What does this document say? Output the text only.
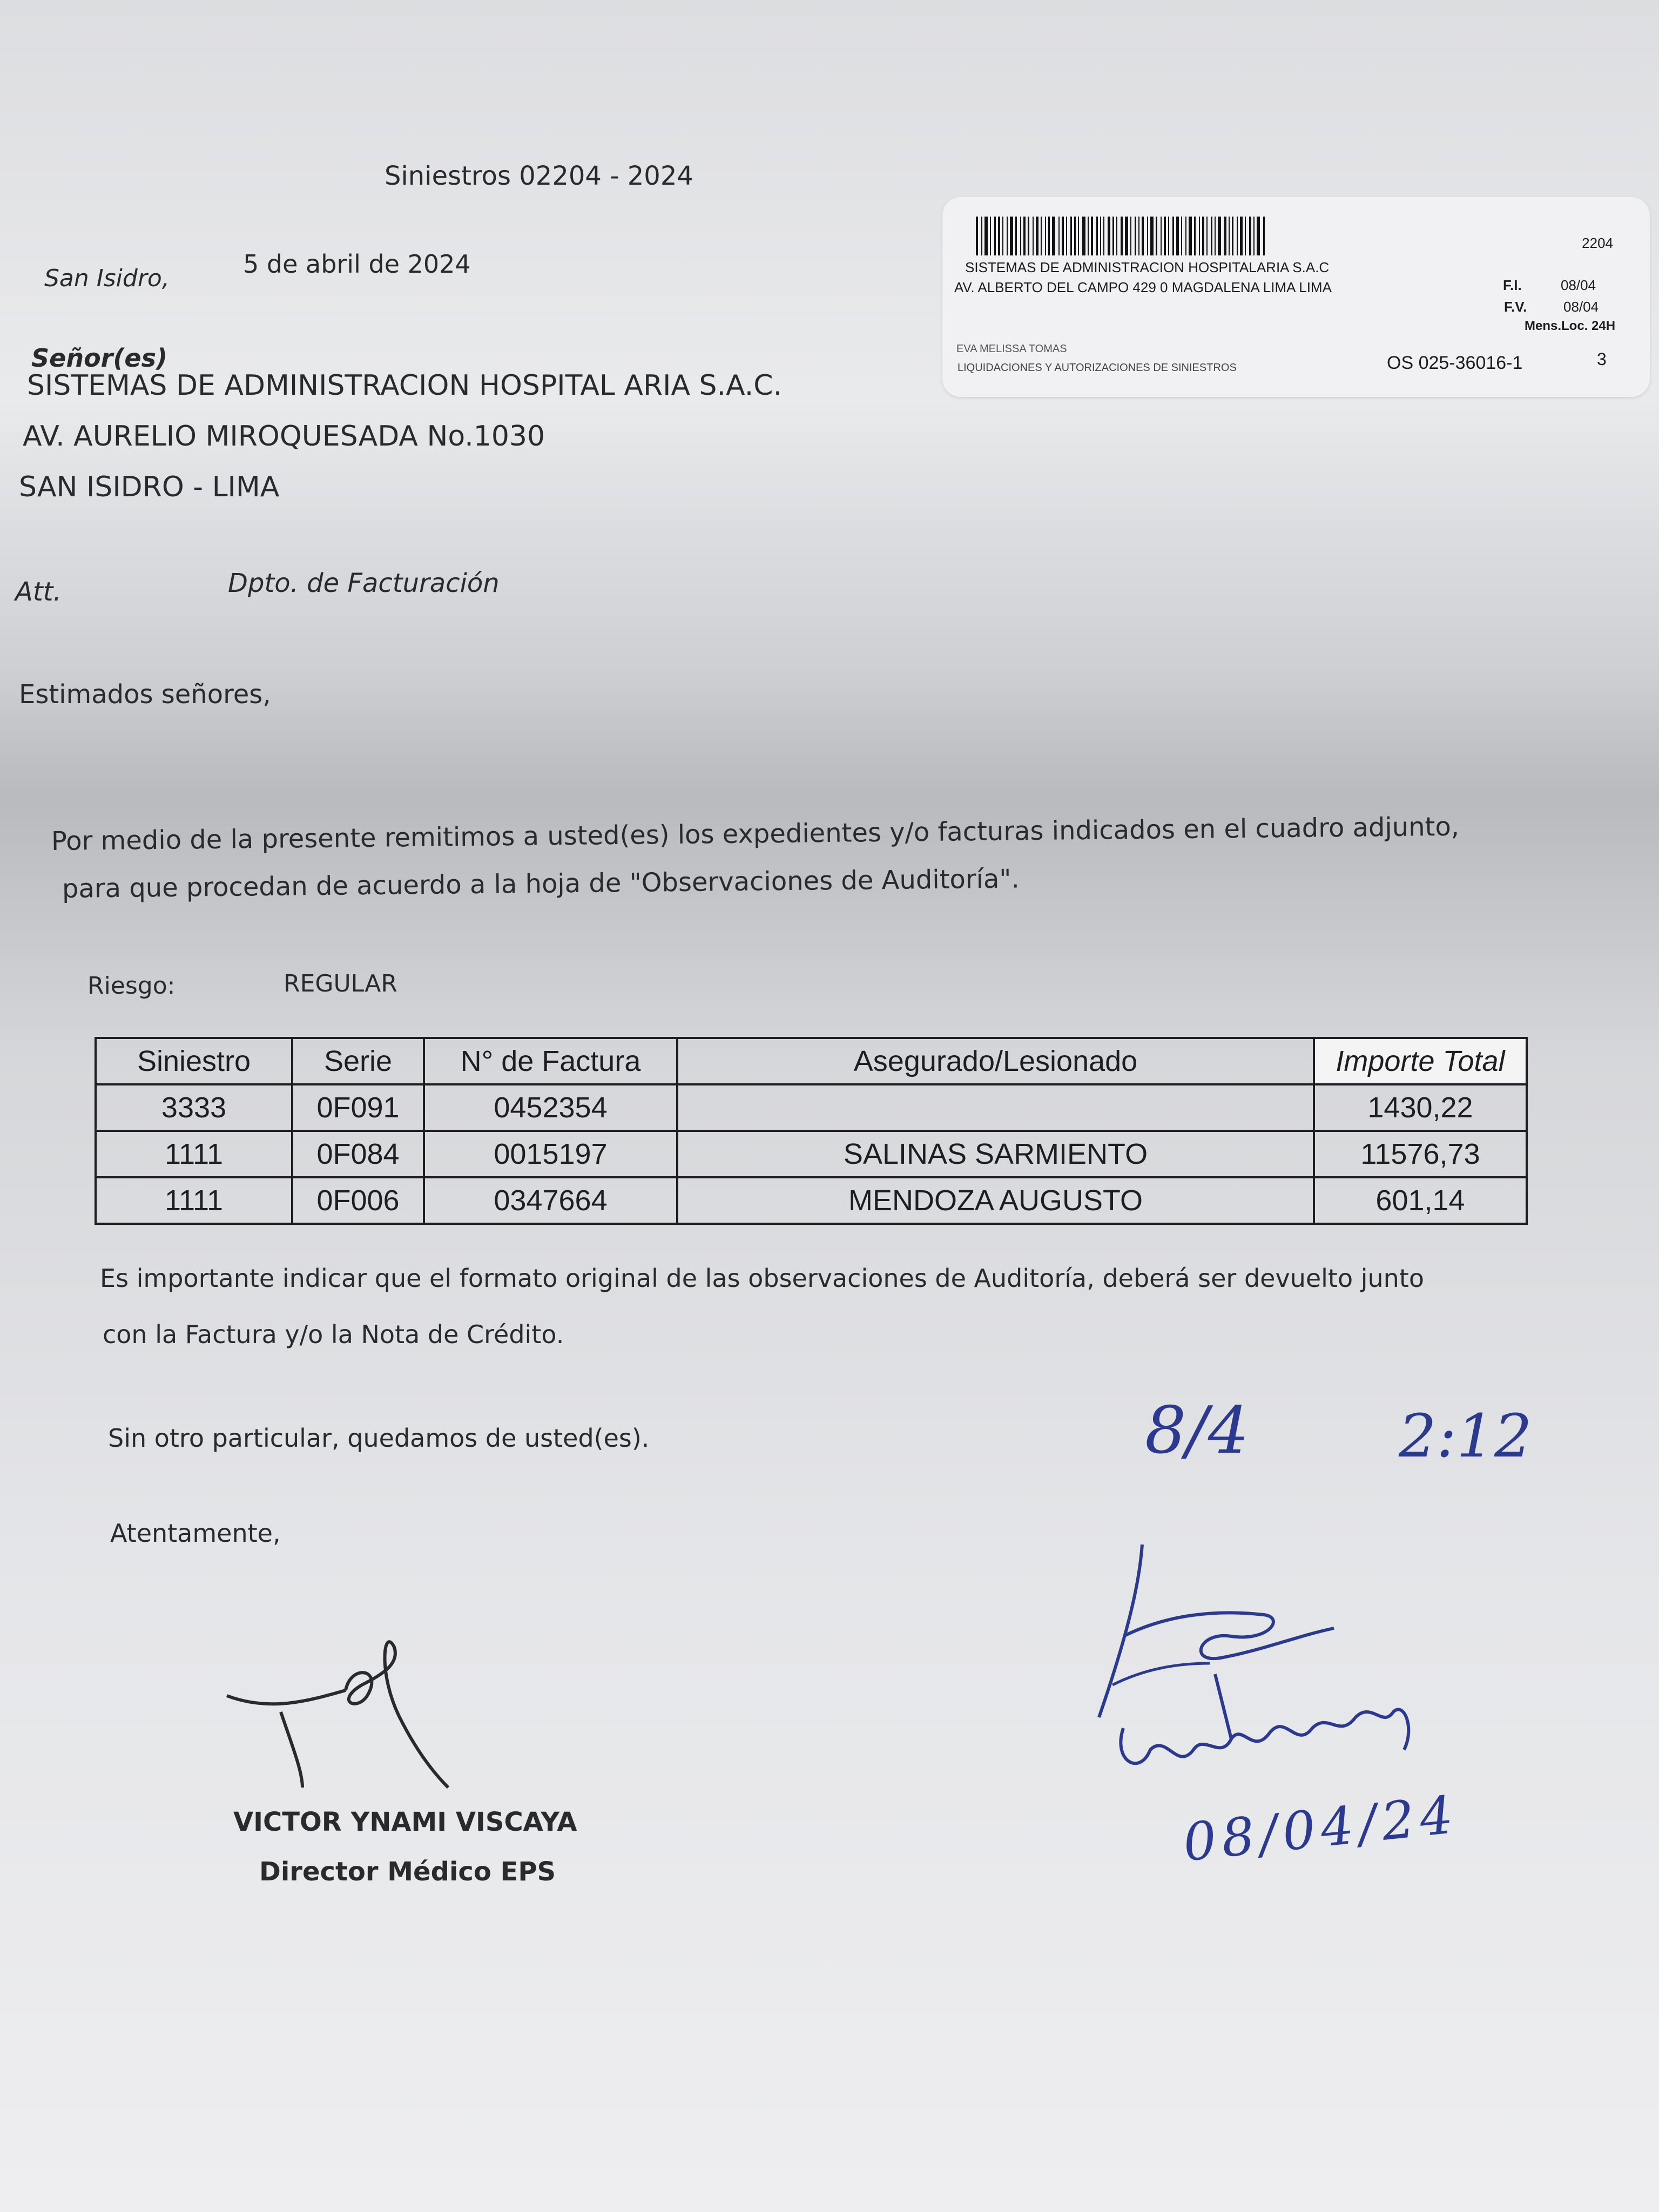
Siniestros 02204 - 2024
San Isidro,	5 de abril de 2024
Señor(es)
SISTEMAS DE ADMINISTRACION HOSPITAL ARIA S.A.C.
AV. AURELIO MIROQUESADA No.1030
SAN ISIDRO - LIMA
Att.	Dpto. de Facturación
Estimados señores,
Por medio de la presente remitimos a usted(es) los expedientes y/o facturas indicados en el cuadro adjunto,
para que procedan de acuerdo a la hoja de "Observaciones de Auditoría".
Riesgo:	REGULAR
Siniestro	Serie	N° de Factura	Asegurado/Lesionado	Importe Total
3333	0F091	0452354		1430,22
1111	0F084	0015197	SALINAS SARMIENTO	11576,73
1111	0F006	0347664	MENDOZA AUGUSTO	601,14
Es importante indicar que el formato original de las observaciones de Auditoría, deberá ser devuelto junto
con la Factura y/o la Nota de Crédito.
Sin otro particular, quedamos de usted(es).
Atentamente,
VICTOR YNAMI VISCAYA
Director Médico EPS
2204
SISTEMAS DE ADMINISTRACION HOSPITALARIA S.A.C
AV. ALBERTO DEL CAMPO 429 0 MAGDALENA LIMA LIMA	F.I.	08/04
F.V.	08/04
Mens.Loc. 24H
EVA MELISSA TOMAS
LIQUIDACIONES Y AUTORIZACIONES DE SINIESTROS	OS 025-36016-1	3
8/4	2:12
08/04/24
